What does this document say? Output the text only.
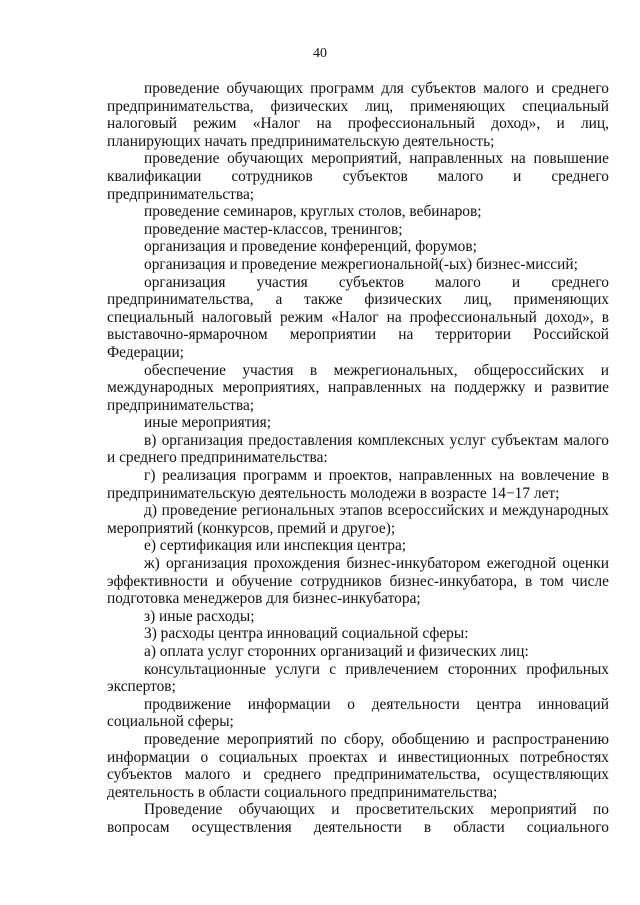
40

проведение обучающих программ для субъектов малого и среднего предпринимательства, физических лиц, применяющих специальный налоговый режим «Налог на профессиональный доход», и лиц, планирующих начать предпринимательскую деятельность;

проведение обучающих мероприятий, направленных на повышение квалификации сотрудников субъектов малого и среднего предпринимательства;

проведение семинаров, круглых столов, вебинаров;

проведение мастер-классов, тренингов;

организация и проведение конференций, форумов;

организация и проведение межрегиональной(-ых) бизнес-миссий;

организация участия субъектов малого и среднего предпринимательства, а также физических лиц, применяющих специальный налоговый режим «Налог на профессиональный доход», в выставочно-ярмарочном мероприятии на территории Российской Федерации;

обеспечение участия в межрегиональных, общероссийских и международных мероприятиях, направленных на поддержку и развитие предпринимательства;

иные мероприятия;

в) организация предоставления комплексных услуг субъектам малого и среднего предпринимательства:

г) реализация программ и проектов, направленных на вовлечение в предпринимательскую деятельность молодежи в возрасте 14−17 лет;

д) проведение региональных этапов всероссийских и международных мероприятий (конкурсов, премий и другое);

е) сертификация или инспекция центра;

ж) организация прохождения бизнес-инкубатором ежегодной оценки эффективности и обучение сотрудников бизнес-инкубатора, в том числе подготовка менеджеров для бизнес-инкубатора;

з) иные расходы;

3) расходы центра инноваций социальной сферы:

а) оплата услуг сторонних организаций и физических лиц:

консультационные услуги с привлечением сторонних профильных экспертов;

продвижение информации о деятельности центра инноваций социальной сферы;

проведение мероприятий по сбору, обобщению и распространению информации о социальных проектах и инвестиционных потребностях субъектов малого и среднего предпринимательства, осуществляющих деятельность в области социального предпринимательства;

Проведение обучающих и просветительских мероприятий по вопросам осуществления деятельности в области социального
